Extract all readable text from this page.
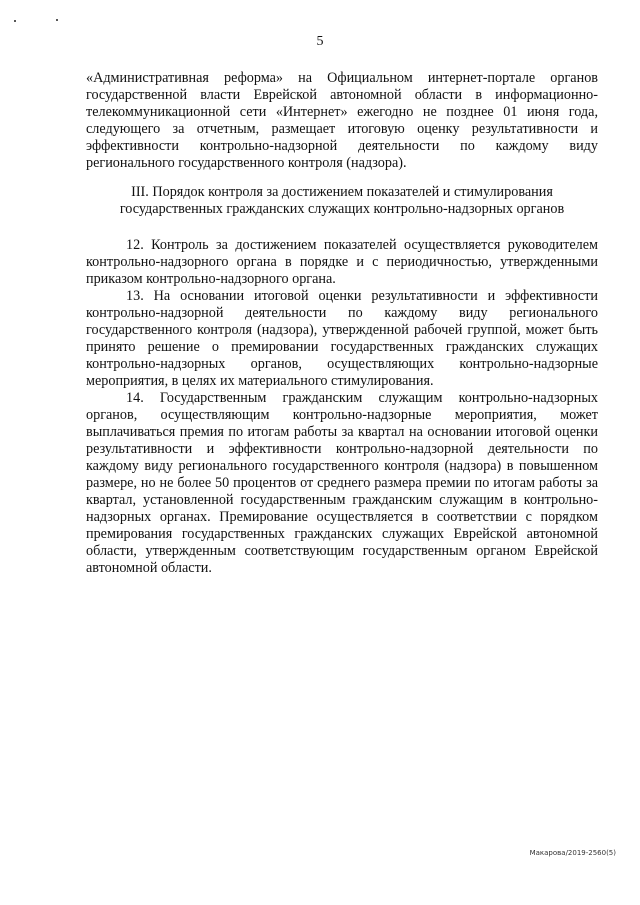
5

«Административная реформа» на Официальном интернет-портале органов государственной власти Еврейской автономной области в информационно-телекоммуникационной сети «Интернет» ежегодно не позднее 01 июня года, следующего за отчетным, размещает итоговую оценку результативности и эффективности контрольно-надзорной деятельности по каждому виду регионального государственного контроля (надзора).

III. Порядок контроля за достижением показателей и стимулирования
государственных гражданских служащих контрольно-надзорных органов

12. Контроль за достижением показателей осуществляется руководителем контрольно-надзорного органа в порядке и с периодичностью, утвержденными приказом контрольно-надзорного органа.

13. На основании итоговой оценки результативности и эффективности контрольно-надзорной деятельности по каждому виду регионального государственного контроля (надзора), утвержденной рабочей группой, может быть принято решение о премировании государственных гражданских служащих контрольно-надзорных органов, осуществляющих контрольно-надзорные мероприятия, в целях их материального стимулирования.

14. Государственным гражданским служащим контрольно-надзорных органов, осуществляющим контрольно-надзорные мероприятия, может выплачиваться премия по итогам работы за квартал на основании итоговой оценки результативности и эффективности контрольно-надзорной деятельности по каждому виду регионального государственного контроля (надзора) в повышенном размере, но не более 50 процентов от среднего размера премии по итогам работы за квартал, установленной государственным гражданским служащим в контрольно-надзорных органах. Премирование осуществляется в соответствии с порядком премирования государственных гражданских служащих Еврейской автономной области, утвержденным соответствующим государственным органом Еврейской автономной области.

Макарова/2019-2560(5)
